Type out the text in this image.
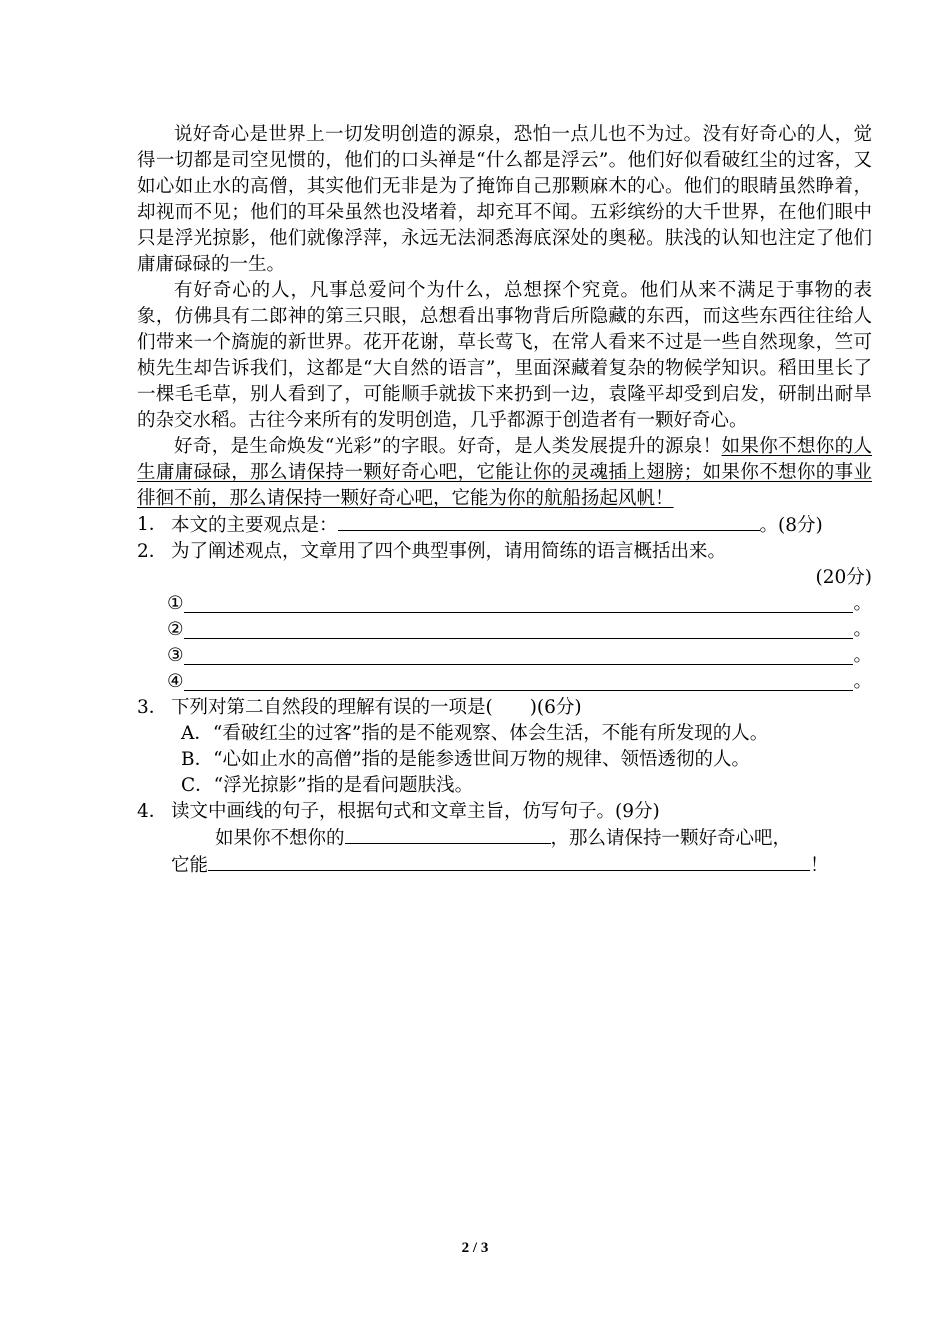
说好奇心是世界上一切发明创造的源泉，恐怕一点儿也不为过。没有好奇心的人，觉得一切都是司空见惯的，他们的口头禅是“什么都是浮云”。他们好似看破红尘的过客，又如心如止水的高僧，其实他们无非是为了掩饰自己那颗麻木的心。他们的眼睛虽然睁着，却视而不见；他们的耳朵虽然也没堵着，却充耳不闻。五彩缤纷的大千世界，在他们眼中只是浮光掠影，他们就像浮萍，永远无法洞悉海底深处的奥秘。肤浅的认知也注定了他们庸庸碌碌的一生。

有好奇心的人，凡事总爱问个为什么，总想探个究竟。他们从来不满足于事物的表象，仿佛具有二郎神的第三只眼，总想看出事物背后所隐藏的东西，而这些东西往往给人们带来一个旖旎的新世界。花开花谢，草长莺飞，在常人看来不过是一些自然现象，竺可桢先生却告诉我们，这都是“大自然的语言”，里面深藏着复杂的物候学知识。稻田里长了一棵毛毛草，别人看到了，可能顺手就拔下来扔到一边，袁隆平却受到启发，研制出耐旱的杂交水稻。古往今来所有的发明创造，几乎都源于创造者有一颗好奇心。

好奇，是生命焕发“光彩”的字眼。好奇，是人类发展提升的源泉！如果你不想你的人生庸庸碌碌，那么请保持一颗好奇心吧，它能让你的灵魂插上翅膀；如果你不想你的事业徘徊不前，那么请保持一颗好奇心吧，它能为你的航船扬起风帆！

1． 本文的主要观点是：	。(8分)
2． 为了阐述观点，文章用了四个典型事例，请用简练的语言概括出来。

(20分)

①	。
②	。
③	。
④	。
3． 下列对第二自然段的理解有误的一项是(　　)(6分)

A．“看破红尘的过客”指的是不能观察、体会生活，不能有所发现的人。

B．“心如止水的高僧”指的是能参透世间万物的规律、领悟透彻的人。

C．“浮光掠影”指的是看问题肤浅。

4． 读文中画线的句子，根据句式和文章主旨，仿写句子。(9分)

如果你不想你的	，那么请保持一颗好奇心吧，

它能	！

2 / 3
